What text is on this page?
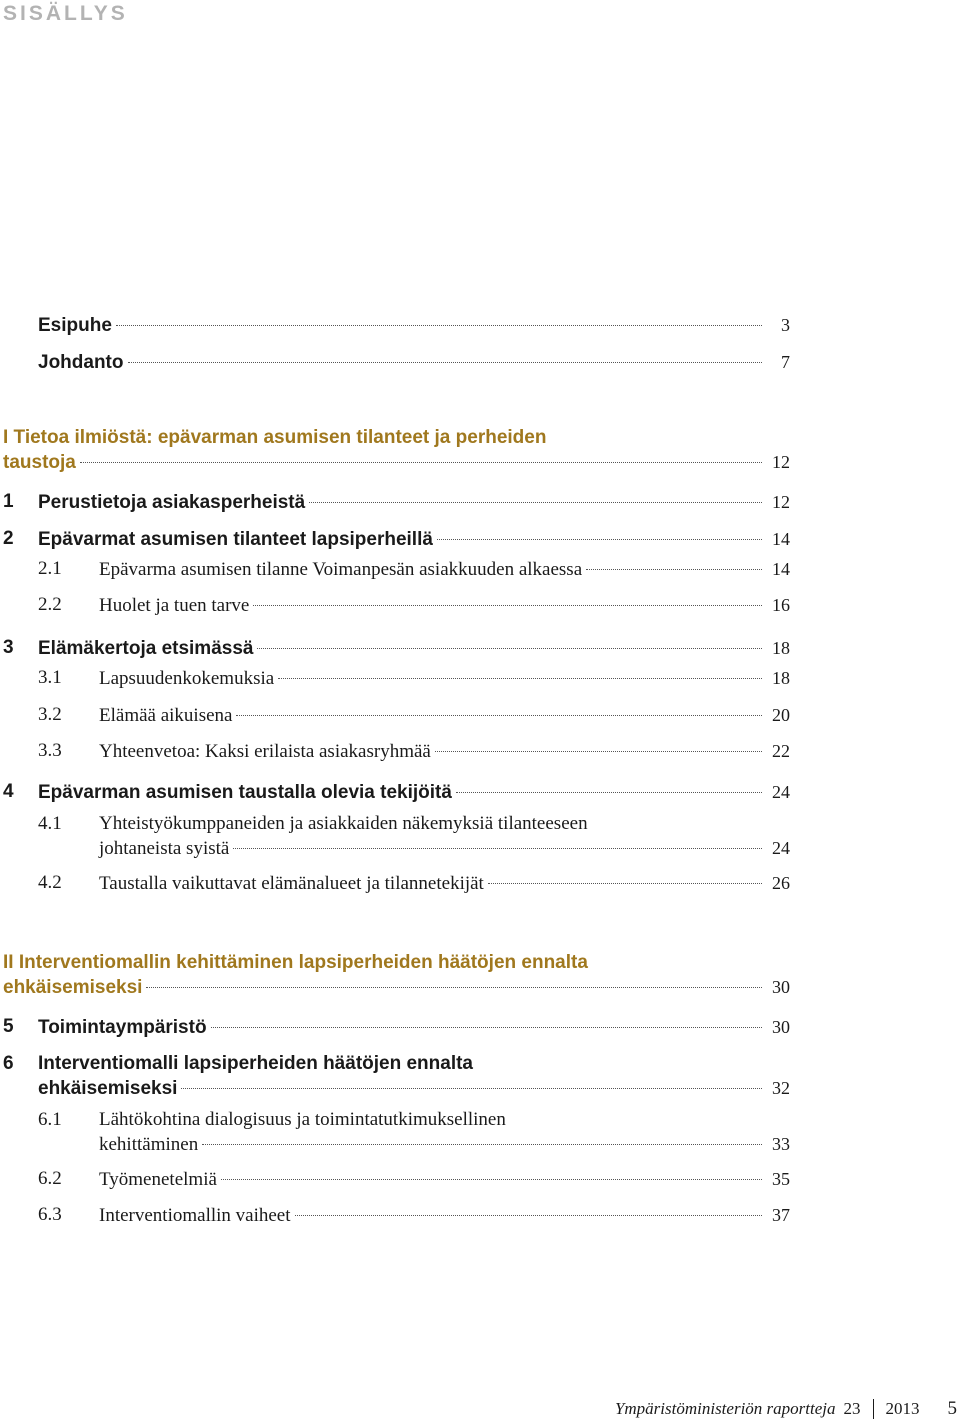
SISÄLLYS
Esipuhe	3
Johdanto	7
I Tietoa ilmiöstä: epävarman asumisen tilanteet ja perheiden
taustoja	12
1	Perustietoja asiakasperheistä	12
2	Epävarmat asumisen tilanteet lapsiperheillä	14
2.1	Epävarma asumisen tilanne Voimanpesän asiakkuuden alkaessa	14
2.2	Huolet ja tuen tarve	16
3	Elämäkertoja etsimässä	18
3.1	Lapsuudenkokemuksia	18
3.2	Elämää aikuisena	20
3.3	Yhteenvetoa: Kaksi erilaista asiakasryhmää	22
4	Epävarman asumisen taustalla olevia tekijöitä	24
4.1	Yhteistyökumppaneiden ja asiakkaiden näkemyksiä tilanteeseen
johtaneista syistä	24
4.2	Taustalla vaikuttavat elämänalueet ja tilannetekijät	26
II Interventiomallin kehittäminen lapsiperheiden häätöjen ennalta
ehkäisemiseksi	30
5	Toimintaympäristö	30
6	Interventiomalli lapsiperheiden häätöjen ennalta
ehkäisemiseksi	32
6.1	Lähtökohtina dialogisuus ja toimintatutkimuksellinen
kehittäminen	33
6.2	Työmenetelmiä	35
6.3	Interventiomallin vaiheet	37
Ympäristöministeriön raportteja 23 2013 5
